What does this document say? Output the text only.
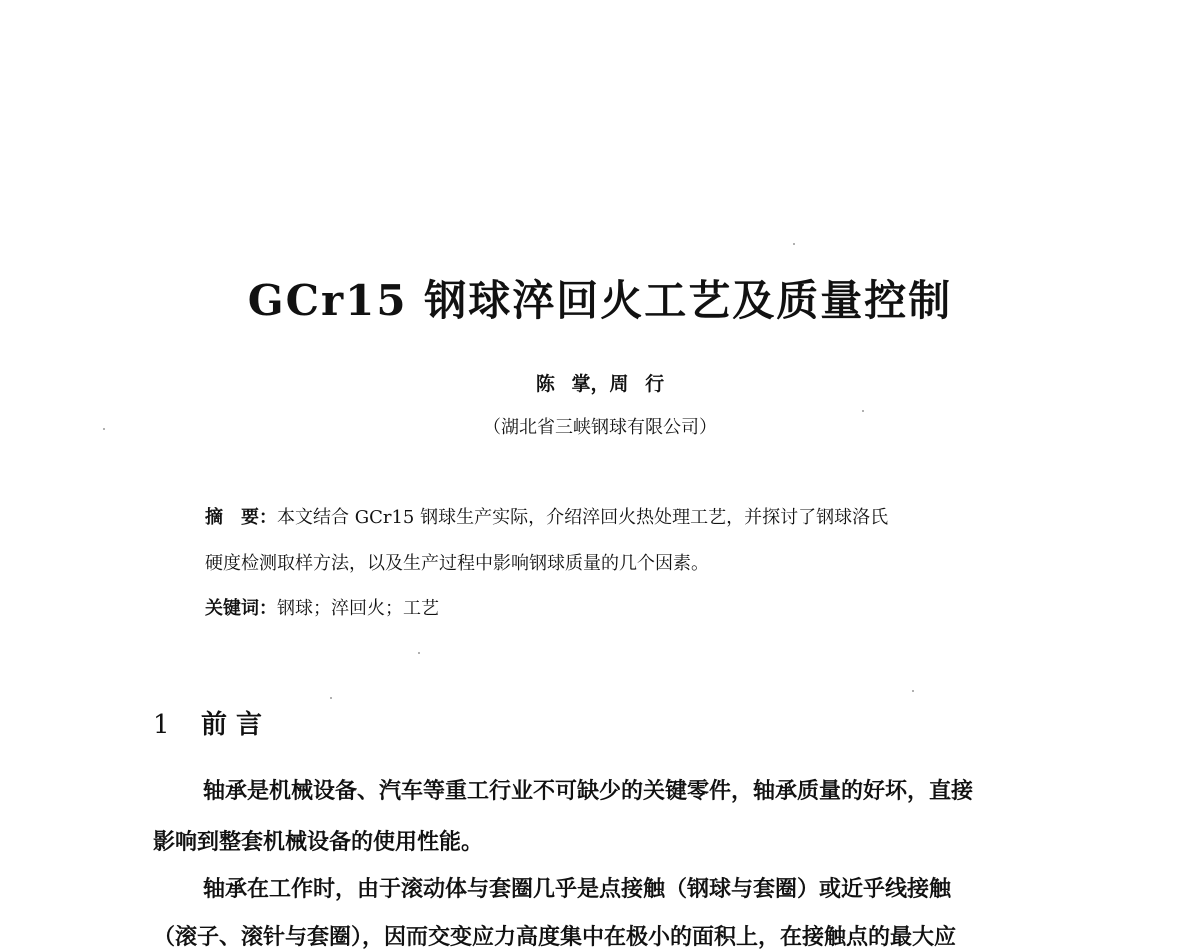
GCr15 钢球淬回火工艺及质量控制
陈 掌，周 行
（湖北省三峡钢球有限公司）
摘　要：本文结合 GCr15 钢球生产实际，介绍淬回火热处理工艺，并探讨了钢球洛氏
硬度检测取样方法，以及生产过程中影响钢球质量的几个因素。
关键词：钢球；淬回火；工艺
1 前 言
轴承是机械设备、汽车等重工行业不可缺少的关键零件，轴承质量的好坏，直接
影响到整套机械设备的使用性能。
轴承在工作时，由于滚动体与套圈几乎是点接触（钢球与套圈）或近乎线接触
（滚子、滚针与套圈），因而交变应力高度集中在极小的面积上，在接触点的最大应
